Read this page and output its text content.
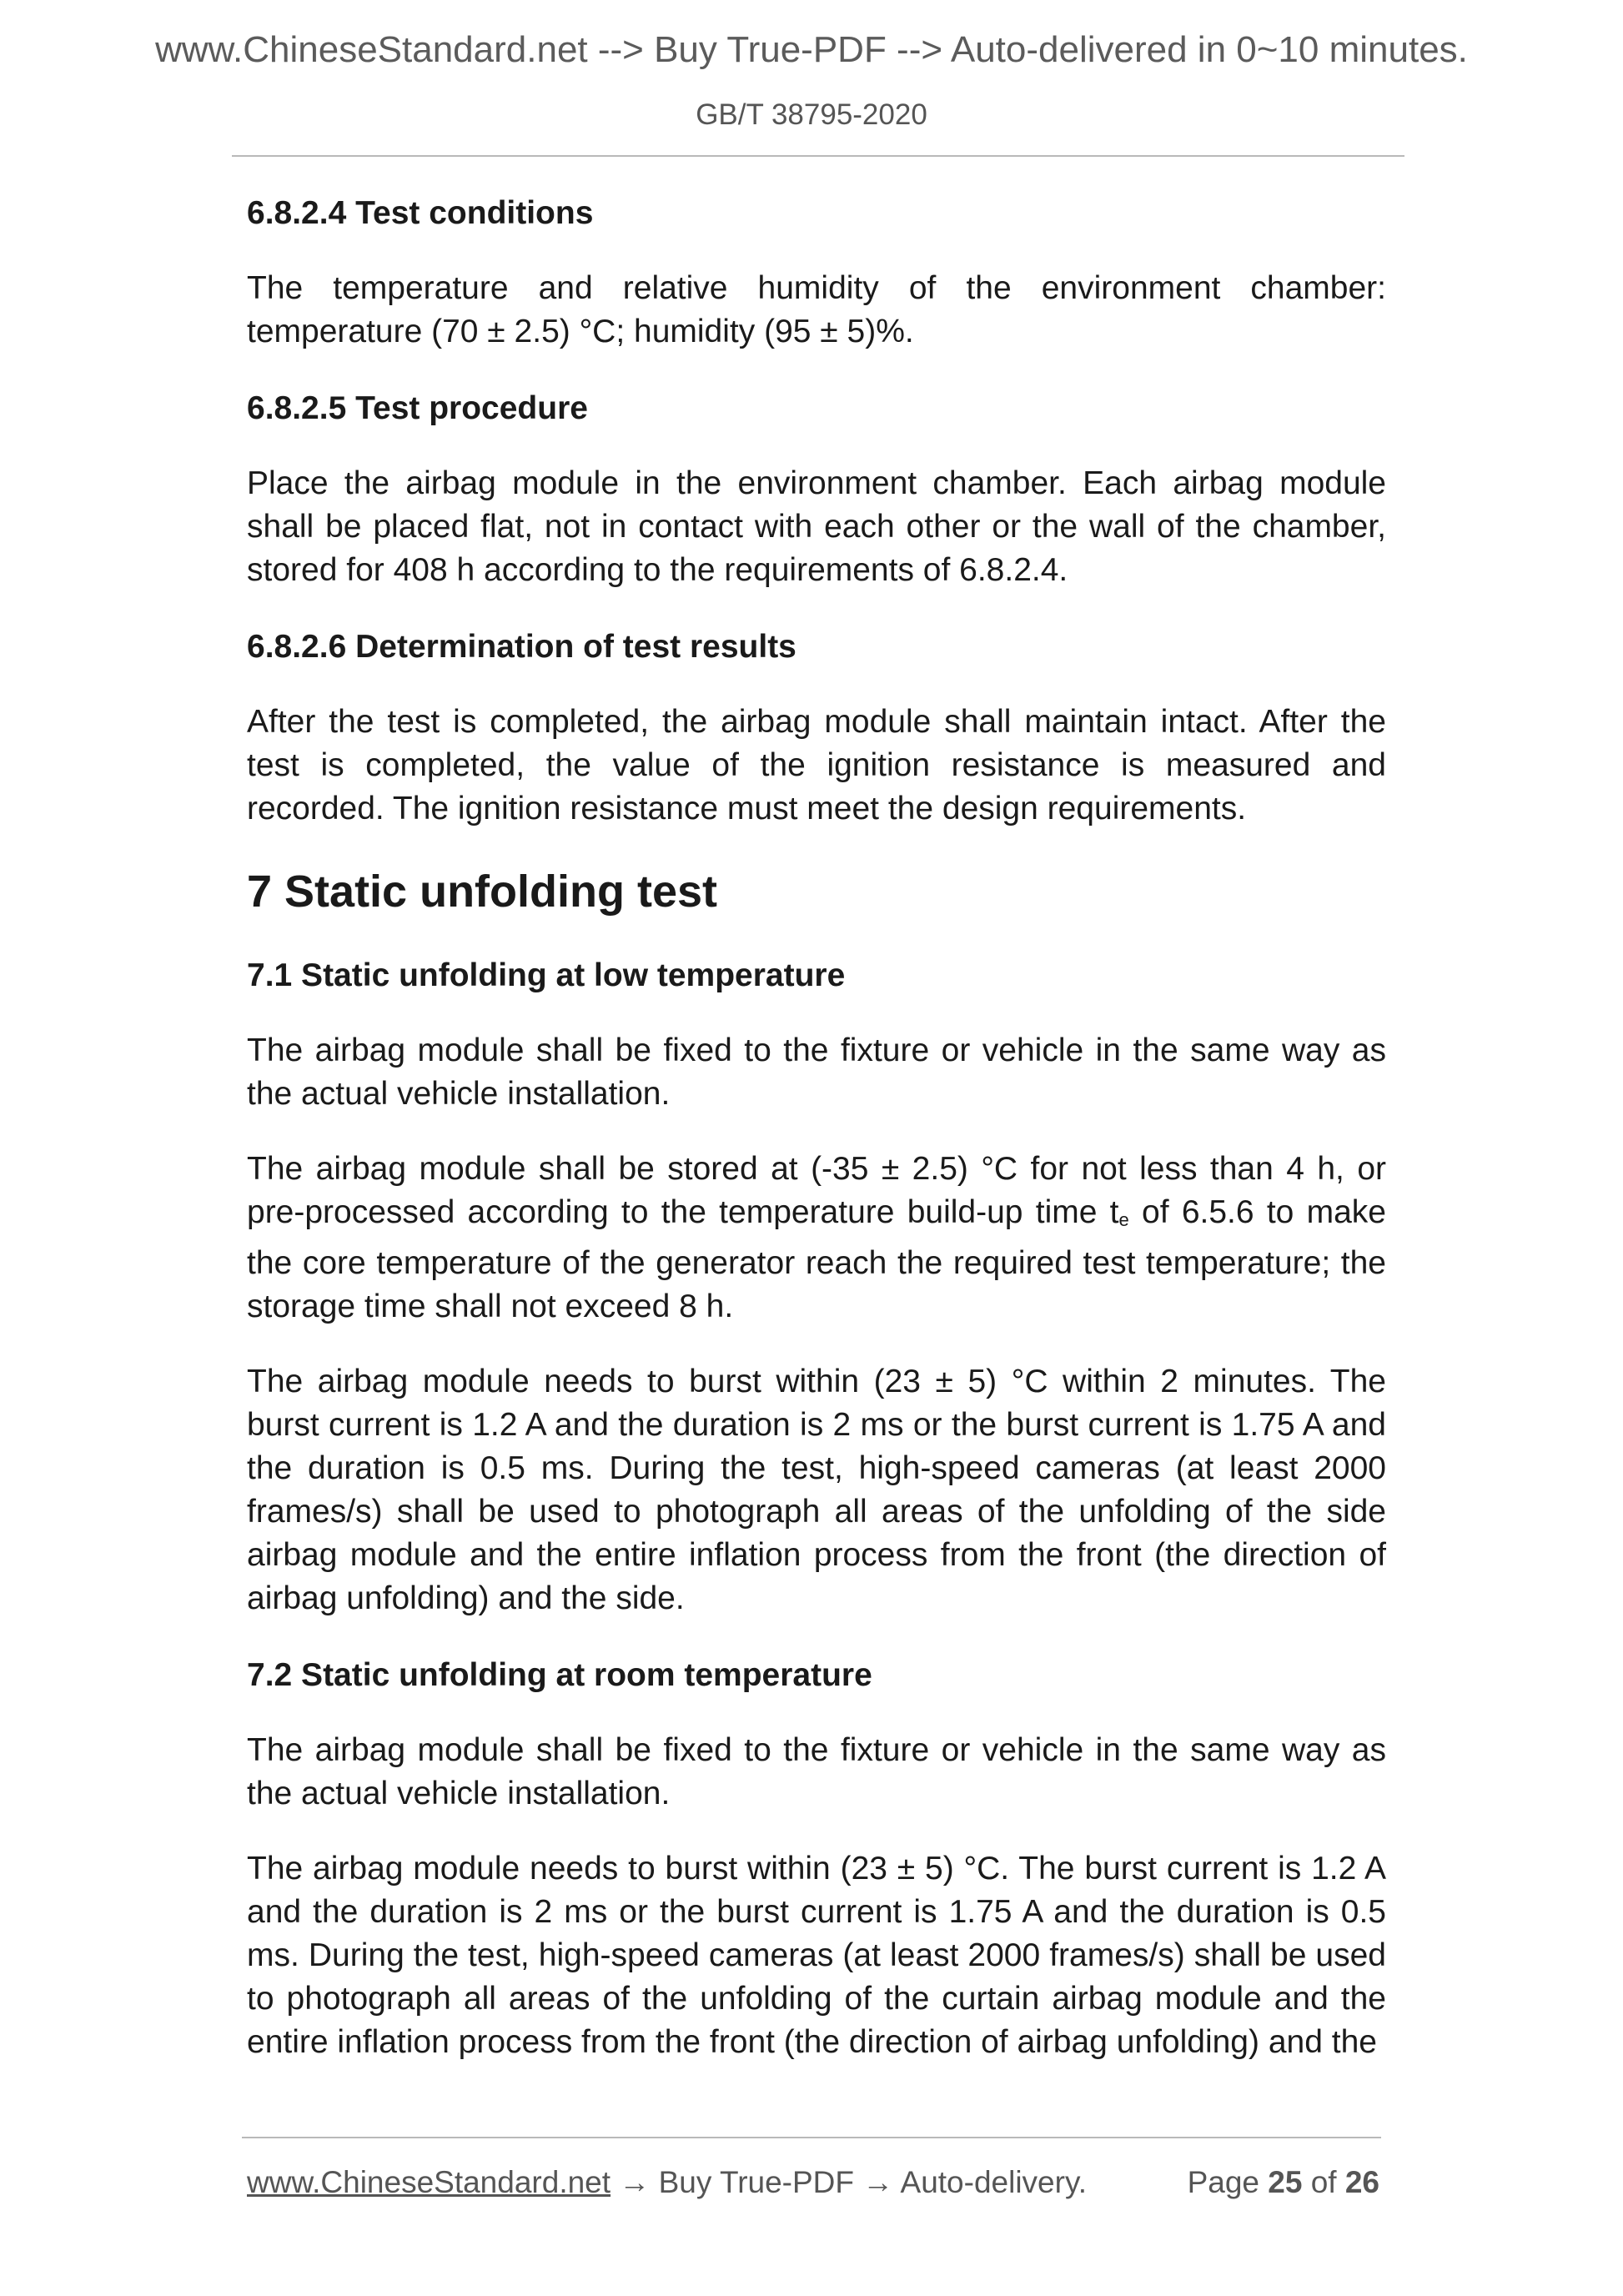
www.ChineseStandard.net --> Buy True-PDF --> Auto-delivered in 0~10 minutes.
GB/T 38795-2020
6.8.2.4 Test conditions
The temperature and relative humidity of the environment chamber: temperature (70 ± 2.5) °C; humidity (95 ± 5)%.
6.8.2.5 Test procedure
Place the airbag module in the environment chamber. Each airbag module shall be placed flat, not in contact with each other or the wall of the chamber, stored for 408 h according to the requirements of 6.8.2.4.
6.8.2.6 Determination of test results
After the test is completed, the airbag module shall maintain intact. After the test is completed, the value of the ignition resistance is measured and recorded. The ignition resistance must meet the design requirements.
7 Static unfolding test
7.1 Static unfolding at low temperature
The airbag module shall be fixed to the fixture or vehicle in the same way as the actual vehicle installation.
The airbag module shall be stored at (-35 ± 2.5) °C for not less than 4 h, or pre-processed according to the temperature build-up time te of 6.5.6 to make the core temperature of the generator reach the required test temperature; the storage time shall not exceed 8 h.
The airbag module needs to burst within (23 ± 5) °C within 2 minutes. The burst current is 1.2 A and the duration is 2 ms or the burst current is 1.75 A and the duration is 0.5 ms. During the test, high-speed cameras (at least 2000 frames/s) shall be used to photograph all areas of the unfolding of the side airbag module and the entire inflation process from the front (the direction of airbag unfolding) and the side.
7.2 Static unfolding at room temperature
The airbag module shall be fixed to the fixture or vehicle in the same way as the actual vehicle installation.
The airbag module needs to burst within (23 ± 5) °C. The burst current is 1.2 A and the duration is 2 ms or the burst current is 1.75 A and the duration is 0.5 ms. During the test, high-speed cameras (at least 2000 frames/s) shall be used to photograph all areas of the unfolding of the curtain airbag module and the entire inflation process from the front (the direction of airbag unfolding) and the
www.ChineseStandard.net → Buy True-PDF → Auto-delivery.	Page 25 of 26
